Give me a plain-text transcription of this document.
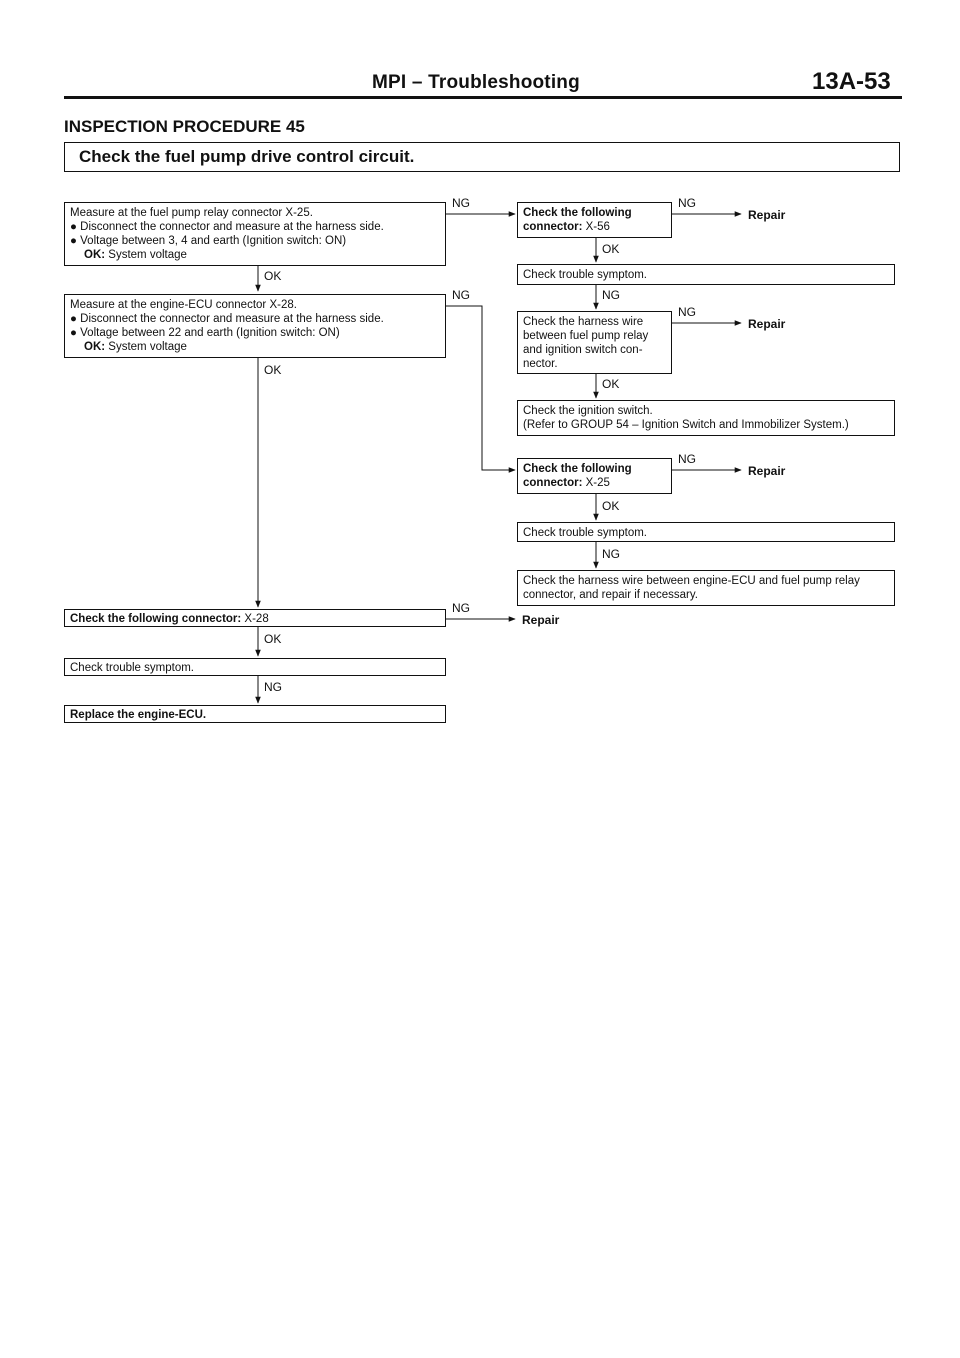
MPI – Troubleshooting	13A-53
INSPECTION PROCEDURE 45
Check the fuel pump drive control circuit.
NG
NG
NG
NG
NG
NG
NG
NG
NG
OK
OK
OK
OK
OK
OK
Repair
Repair
Repair
Repair
Measure at the fuel pump relay connector X-25.
● Disconnect the connector and measure at the harness side.
● Voltage between 3, 4 and earth (Ignition switch: ON)
OK: System voltage
Measure at the engine-ECU connector X-28.
● Disconnect the connector and measure at the harness side.
● Voltage between 22 and earth (Ignition switch: ON)
OK: System voltage
Check the following
connector: X-56
Check trouble symptom.
Check the harness wire
between fuel pump relay
and ignition switch con-
nector.
Check the ignition switch.
(Refer to GROUP 54 – Ignition Switch and Immobilizer System.)
Check the following
connector: X-25
Check trouble symptom.
Check the harness wire between engine-ECU and fuel pump relay
connector, and repair if necessary.
Check the following connector: X-28
Check trouble symptom.
Replace the engine-ECU.
